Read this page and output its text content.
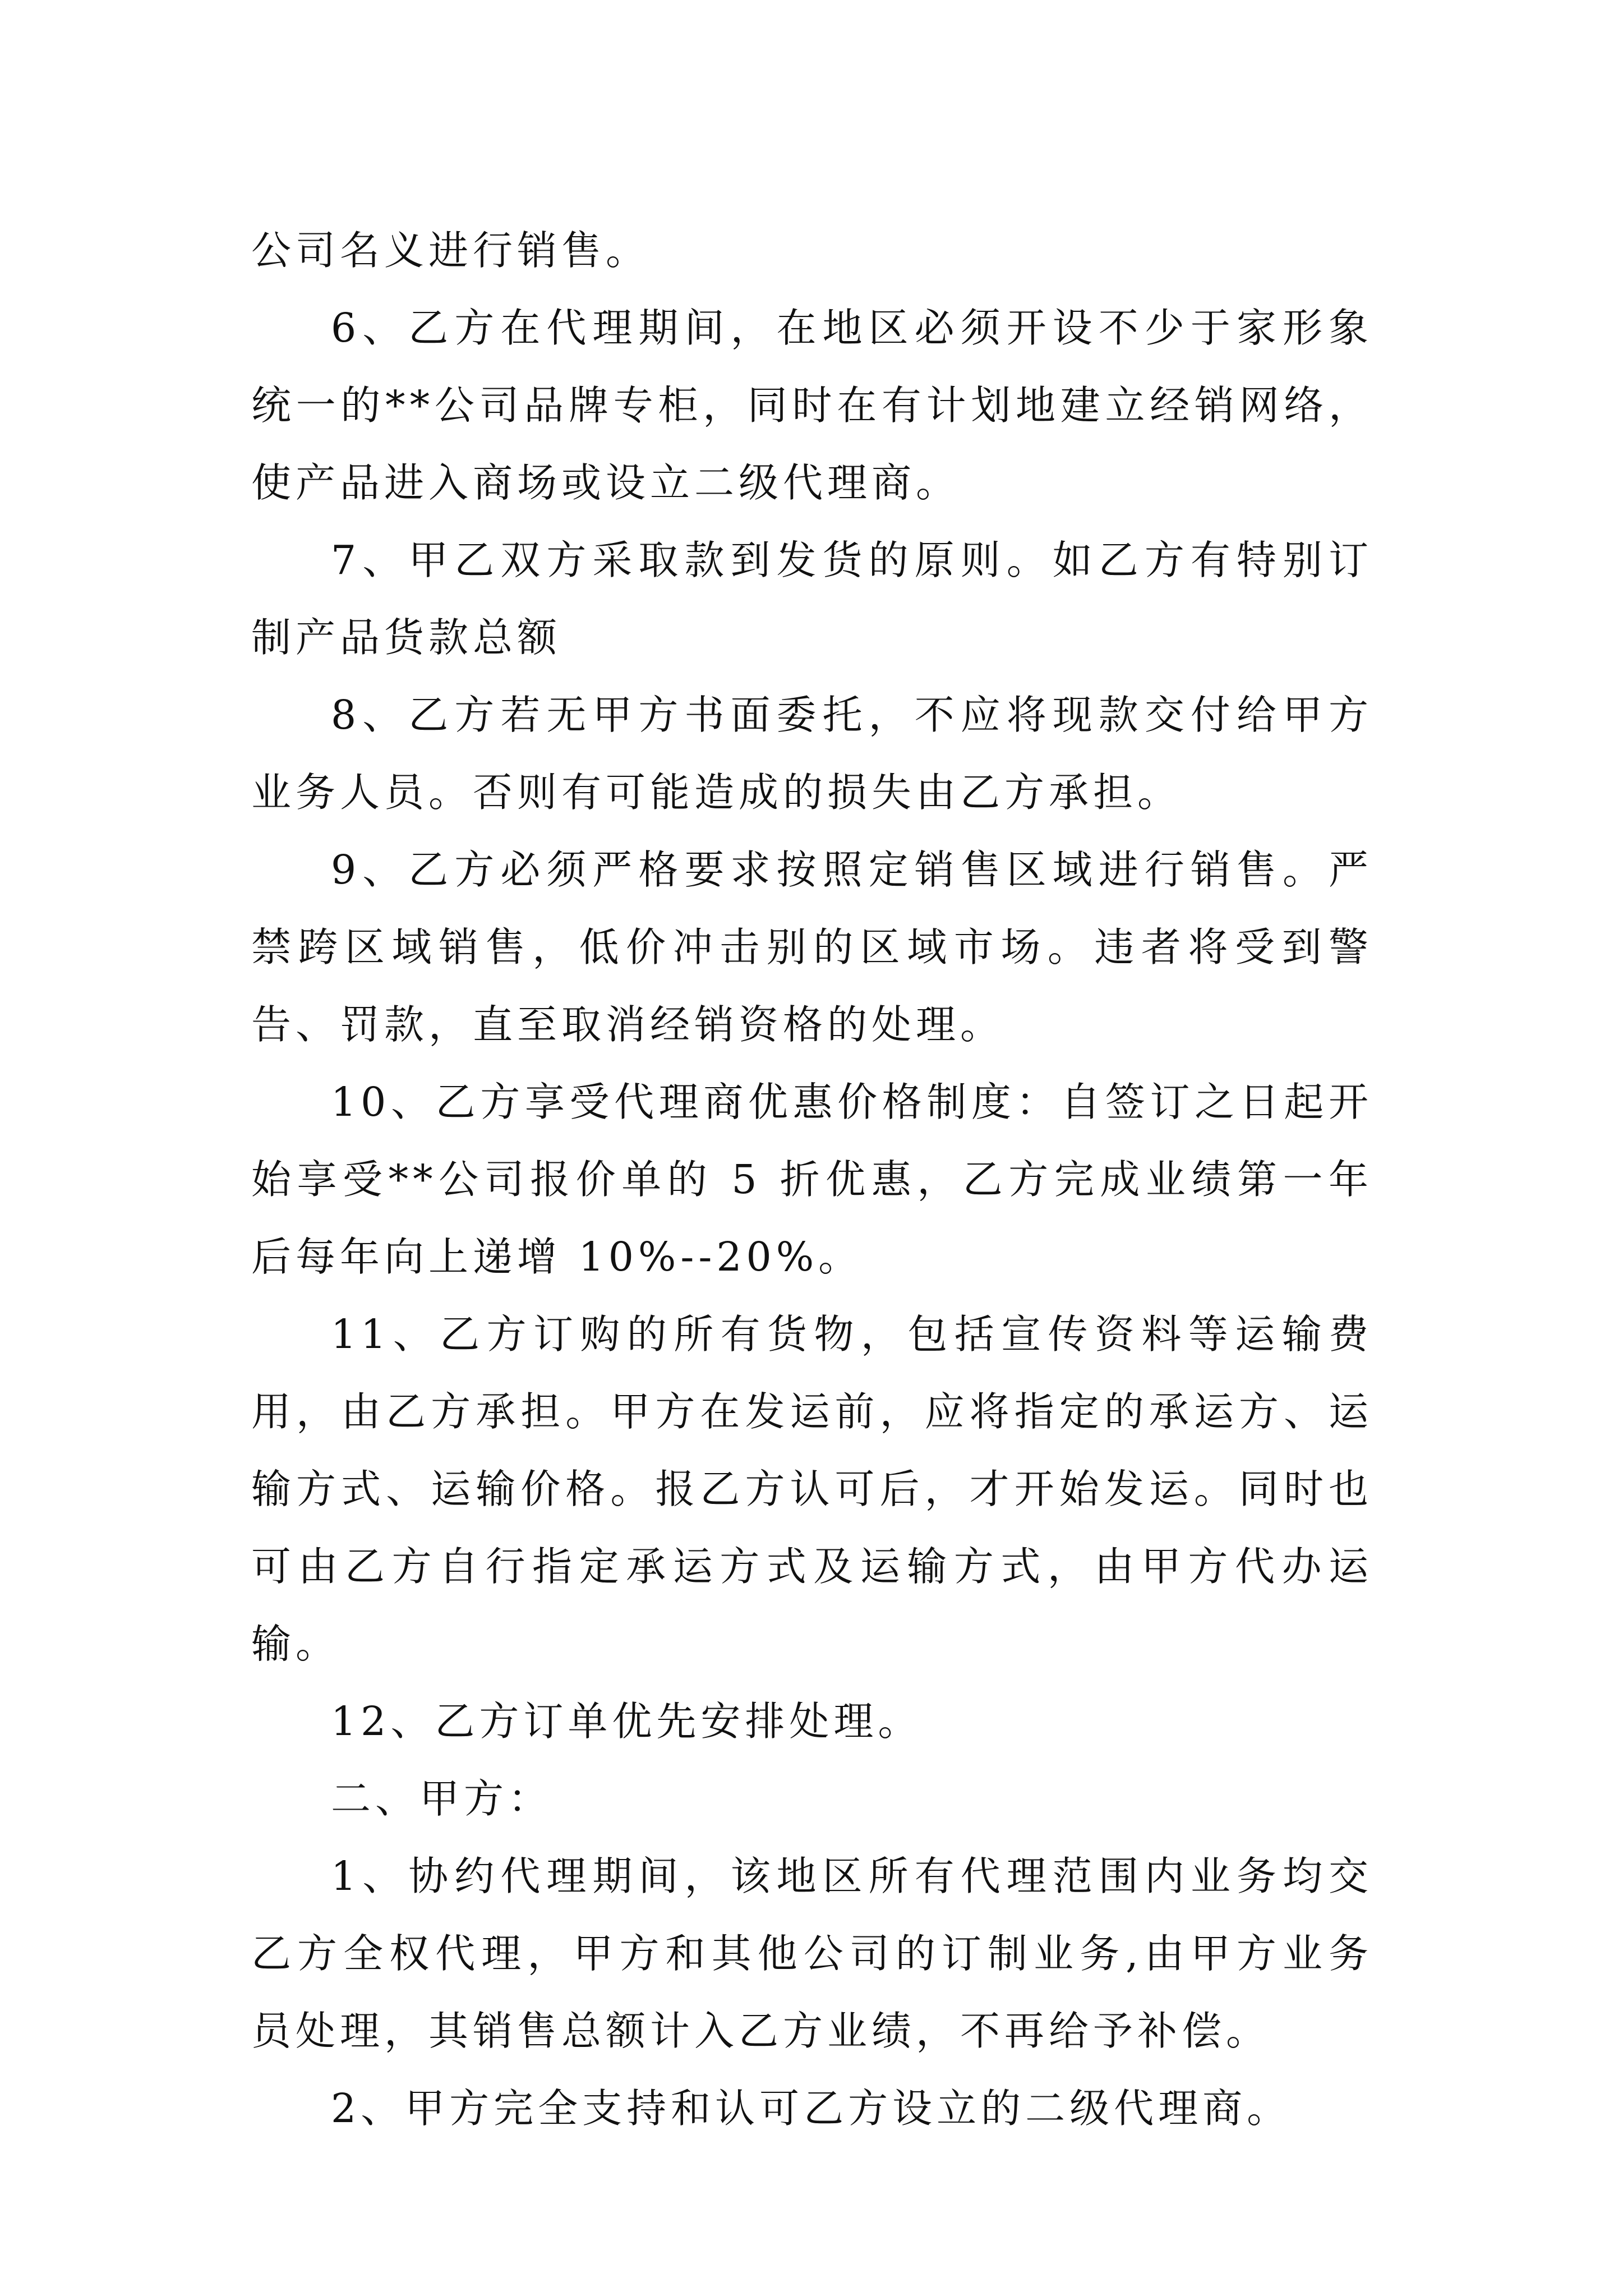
公司名义进行销售。

6、乙方在代理期间，在地区必须开设不少于家形象统一的**公司品牌专柜，同时在有计划地建立经销网络，使产品进入商场或设立二级代理商。

7、甲乙双方采取款到发货的原则。如乙方有特别订制产品货款总额

8、乙方若无甲方书面委托，不应将现款交付给甲方业务人员。否则有可能造成的损失由乙方承担。

9、乙方必须严格要求按照定销售区域进行销售。严禁跨区域销售，低价冲击别的区域市场。违者将受到警告、罚款，直至取消经销资格的处理。

10、乙方享受代理商优惠价格制度：自签订之日起开始享受**公司报价单的 5 折优惠，乙方完成业绩第一年后每年向上递增 10%--20%。

11、乙方订购的所有货物，包括宣传资料等运输费用，由乙方承担。甲方在发运前，应将指定的承运方、运输方式、运输价格。报乙方认可后，才开始发运。同时也可由乙方自行指定承运方式及运输方式，由甲方代办运输。

12、乙方订单优先安排处理。

二、甲方：

1、协约代理期间，该地区所有代理范围内业务均交乙方全权代理，甲方和其他公司的订制业务,由甲方业务员处理，其销售总额计入乙方业绩，不再给予补偿。

2、甲方完全支持和认可乙方设立的二级代理商。
